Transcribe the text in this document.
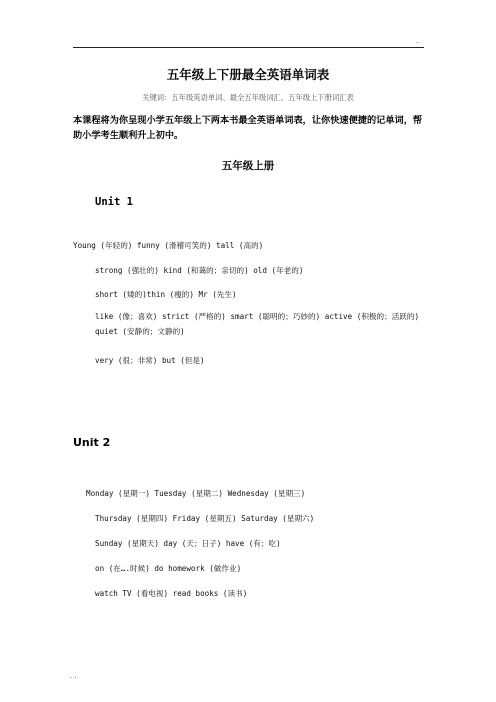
..
五年级上下册最全英语单词表
关键词：五年级英语单词、最全五年级词汇、五年级上下册词汇表
本课程将为你呈现小学五年级上下两本书最全英语单词表，让你快速便捷的记单词，帮助小学考生顺利升上初中。
五年级上册
Unit 1
Young (年轻的) funny (滑稽可笑的) tall (高的)
strong (强壮的) kind (和蔼的；亲切的) old (年老的)
short (矮的)thin (瘦的) Mr (先生)
like (像；喜欢) strict (严格的) smart (聪明的；巧妙的) active (积极的；活跃的) quiet (安静的；文静的)
very (很；非常) but (但是)
Unit 2
Monday (星期一) Tuesday (星期二) Wednesday (星期三)
Thursday (星期四) Friday (星期五) Saturday (星期六)
Sunday (星期天) day (天；日子) have (有；吃)
on (在….时候) do homework (做作业)
watch TV (看电视) read books (读书)
. .
